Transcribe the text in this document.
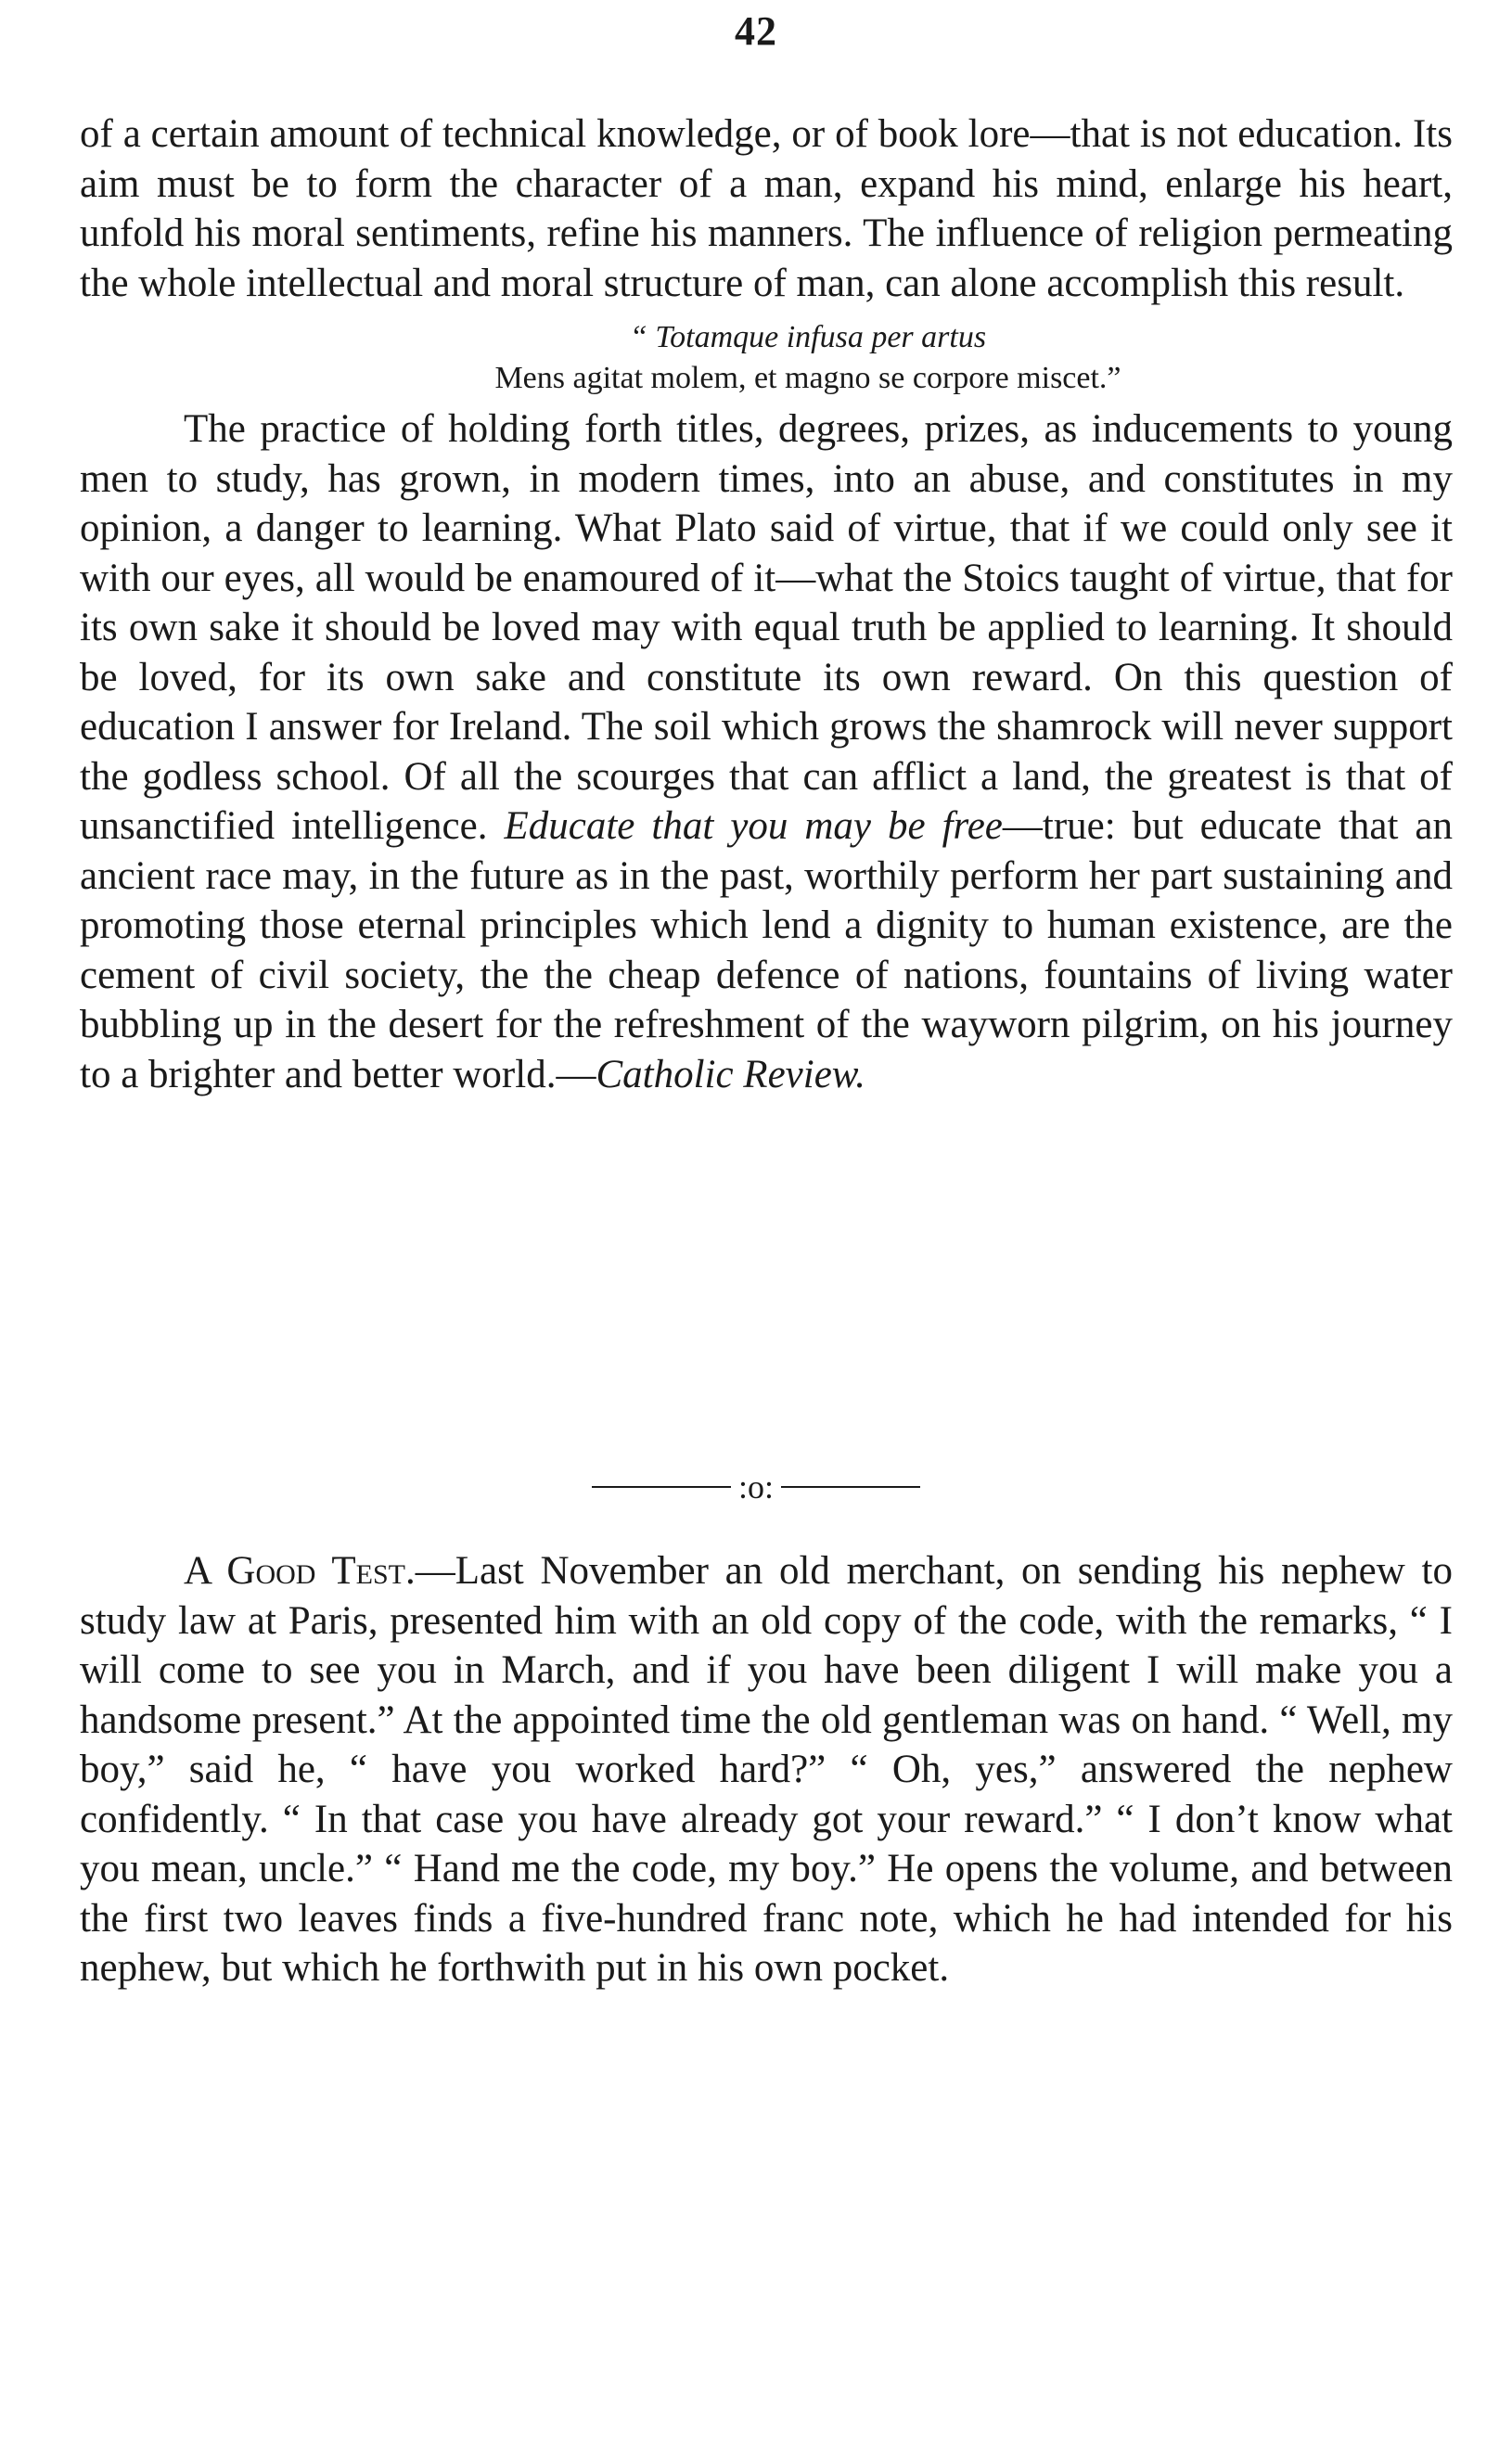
42

of a certain amount of technical knowledge, or of book lore—that is not education. Its aim must be to form the character of a man, expand his mind, enlarge his heart, unfold his moral sentiments, refine his manners. The influence of religion permeating the whole intellectual and moral structure of man, can alone accomplish this result.

“ Totamque infusa per artus

Mens agitat molem, et magno se corpore miscet.”

The practice of holding forth titles, degrees, prizes, as inducements to young men to study, has grown, in modern times, into an abuse, and constitutes in my opinion, a danger to learning. What Plato said of virtue, that if we could only see it with our eyes, all would be enamoured of it—what the Stoics taught of virtue, that for its own sake it should be loved may with equal truth be applied to learning. It should be loved, for its own sake and constitute its own reward. On this question of education I answer for Ireland. The soil which grows the shamrock will never support the godless school. Of all the scourges that can afflict a land, the greatest is that of unsanctified intelligence. Educate that you may be free—true: but educate that an ancient race may, in the future as in the past, worthily perform her part sustaining and promoting those eternal principles which lend a dignity to human existence, are the cement of civil society, the the cheap defence of nations, fountains of living water bubbling up in the desert for the refreshment of the wayworn pilgrim, on his journey to a brighter and better world.—Catholic Review.

:o:

A Good Test.—Last November an old merchant, on sending his nephew to study law at Paris, presented him with an old copy of the code, with the remarks, “ I will come to see you in March, and if you have been diligent I will make you a handsome present.” At the appointed time the old gentleman was on hand. “ Well, my boy,” said he, “ have you worked hard?” “ Oh, yes,” answered the nephew confidently. “ In that case you have already got your reward.” “ I don’t know what you mean, uncle.” “ Hand me the code, my boy.” He opens the volume, and between the first two leaves finds a five-hundred franc note, which he had intended for his nephew, but which he forthwith put in his own pocket.
